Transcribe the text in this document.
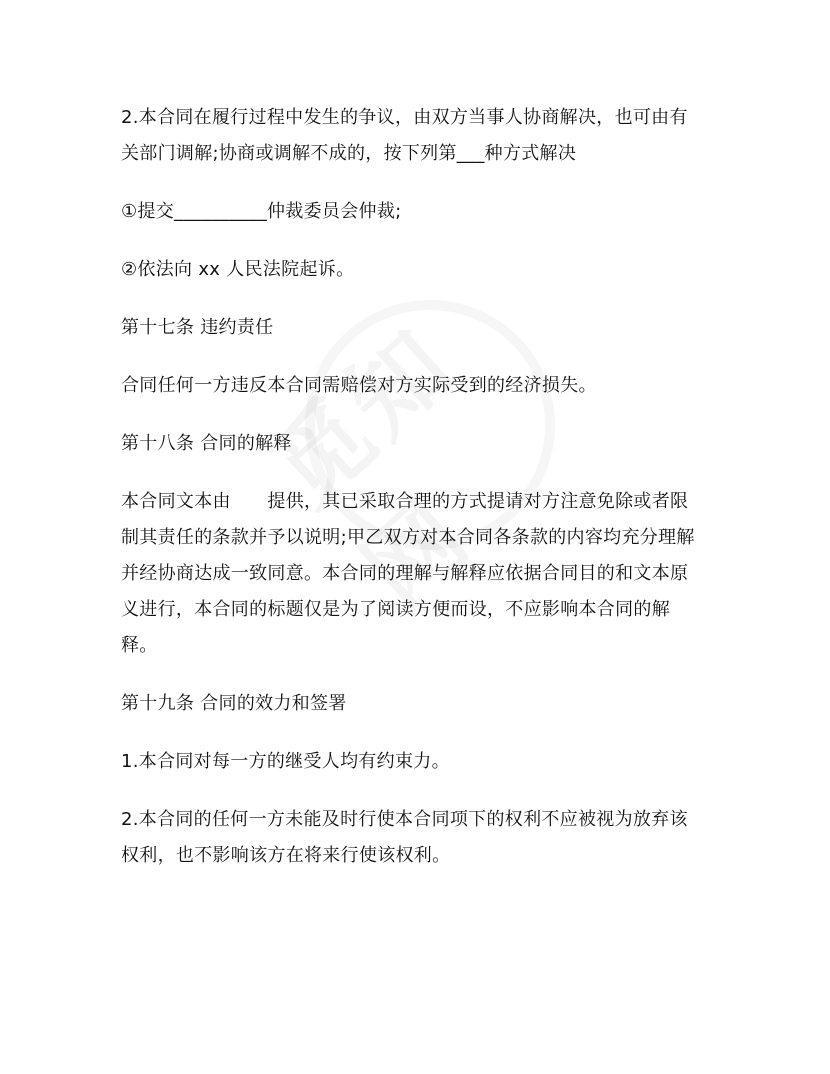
2.本合同在履行过程中发生的争议，由双方当事人协商解决，也可由有关部门调解;协商或调解不成的，按下列第___种方式解决

①提交__________仲裁委员会仲裁;

②依法向 xx 人民法院起诉。

第十七条 违约责任

合同任何一方违反本合同需赔偿对方实际受到的经济损失。

第十八条 合同的解释

本合同文本由　　提供，其已采取合理的方式提请对方注意免除或者限制其责任的条款并予以说明;甲乙双方对本合同各条款的内容均充分理解并经协商达成一致同意。本合同的理解与解释应依据合同目的和文本原义进行，本合同的标题仅是为了阅读方便而设，不应影响本合同的解释。

第十九条 合同的效力和签署

1.本合同对每一方的继受人均有约束力。

2.本合同的任何一方未能及时行使本合同项下的权利不应被视为放弃该权利，也不影响该方在将来行使该权利。
